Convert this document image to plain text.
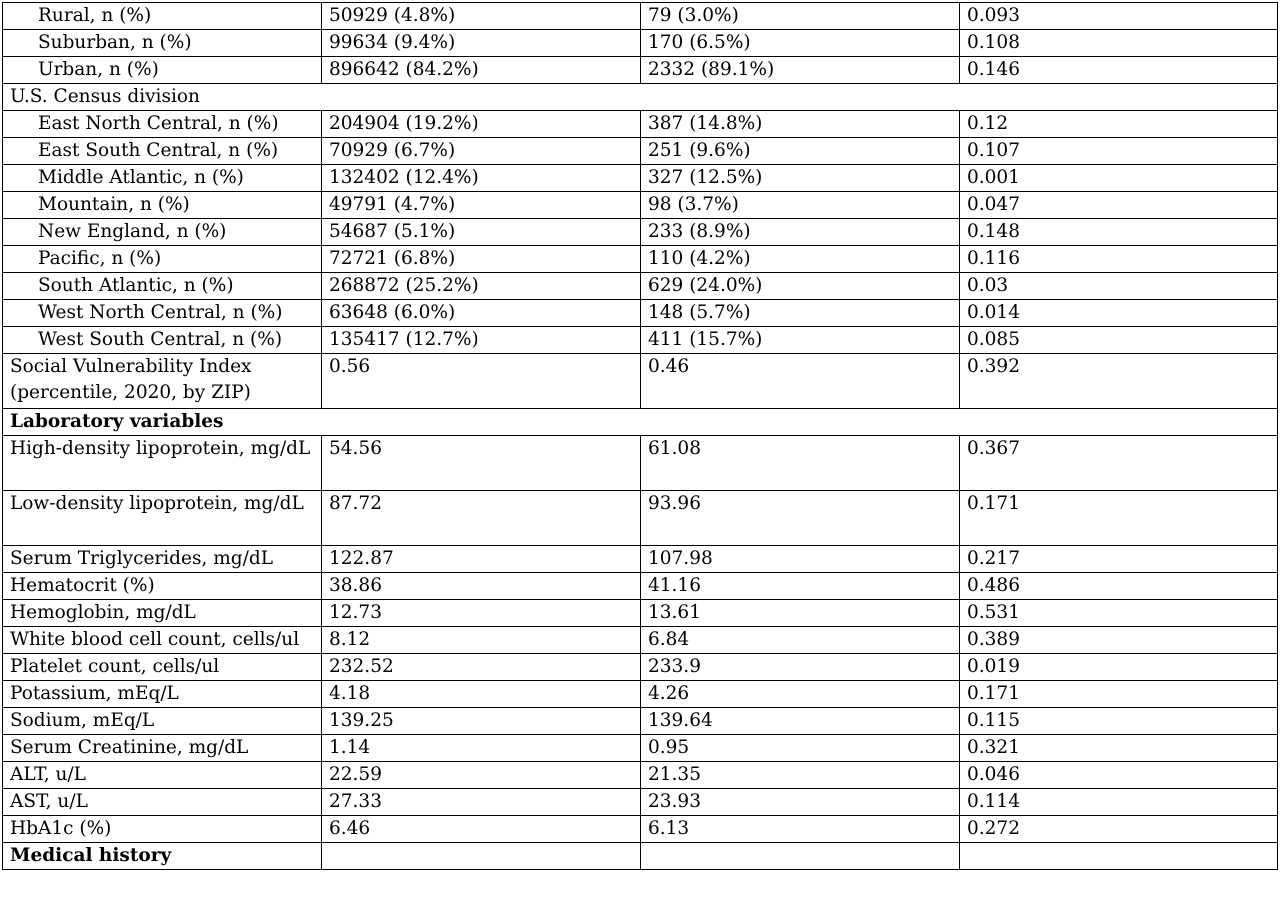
Rural, n (%)	50929 (4.8%)	79 (3.0%)	0.093
Suburban, n (%)	99634 (9.4%)	170 (6.5%)	0.108
Urban, n (%)	896642 (84.2%)	2332 (89.1%)	0.146
U.S. Census division			
East North Central, n (%)	204904 (19.2%)	387 (14.8%)	0.12
East South Central, n (%)	70929 (6.7%)	251 (9.6%)	0.107
Middle Atlantic, n (%)	132402 (12.4%)	327 (12.5%)	0.001
Mountain, n (%)	49791 (4.7%)	98 (3.7%)	0.047
New England, n (%)	54687 (5.1%)	233 (8.9%)	0.148
Pacific, n (%)	72721 (6.8%)	110 (4.2%)	0.116
South Atlantic, n (%)	268872 (25.2%)	629 (24.0%)	0.03
West North Central, n (%)	63648 (6.0%)	148 (5.7%)	0.014
West South Central, n (%)	135417 (12.7%)	411 (15.7%)	0.085
Social Vulnerability Index (percentile, 2020, by ZIP)	0.56	0.46	0.392
Laboratory variables			
High-density lipoprotein, mg/dL	54.56	61.08	0.367
Low-density lipoprotein, mg/dL	87.72	93.96	0.171
Serum Triglycerides, mg/dL	122.87	107.98	0.217
Hematocrit (%)	38.86	41.16	0.486
Hemoglobin, mg/dL	12.73	13.61	0.531
White blood cell count, cells/ul	8.12	6.84	0.389
Platelet count, cells/ul	232.52	233.9	0.019
Potassium, mEq/L	4.18	4.26	0.171
Sodium, mEq/L	139.25	139.64	0.115
Serum Creatinine, mg/dL	1.14	0.95	0.321
ALT, u/L	22.59	21.35	0.046
AST, u/L	27.33	23.93	0.114
HbA1c (%)	6.46	6.13	0.272
Medical history			
